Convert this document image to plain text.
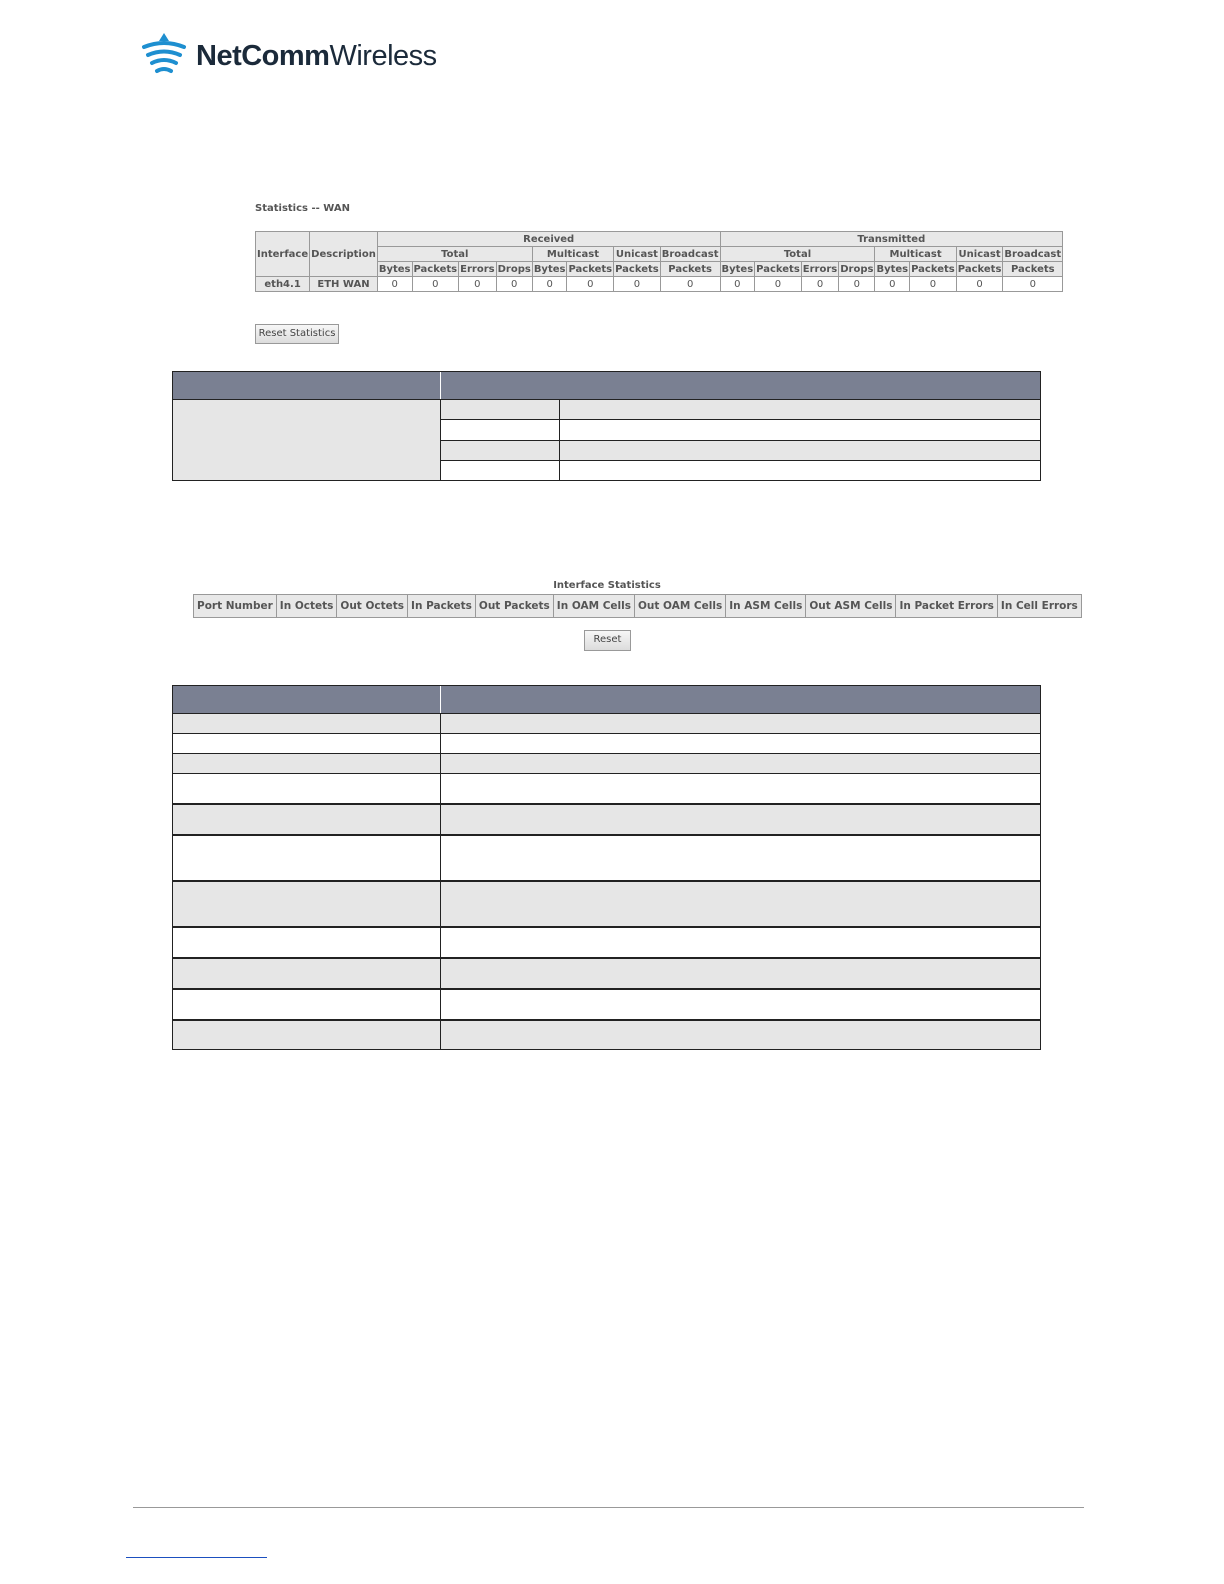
NetCommWireless
Statistics -- WAN
Interface	Description	Received								Transmitted							
		Total				Multicast		Unicast	Broadcast	Total				Multicast		Unicast	Broadcast
		Bytes	Packets	Errors	Drops	Bytes	Packets	Packets	Packets	Bytes	Packets	Errors	Drops	Bytes	Packets	Packets	Packets
eth4.1	ETH WAN	0	0	0	0	0	0	0	0	0	0	0	0	0	0	0	0
Reset Statistics
Interface Statistics
Port Number	In Octets	Out Octets	In Packets	Out Packets	In OAM Cells	Out OAM Cells	In ASM Cells	Out ASM Cells	In Packet Errors	In Cell Errors
Reset
